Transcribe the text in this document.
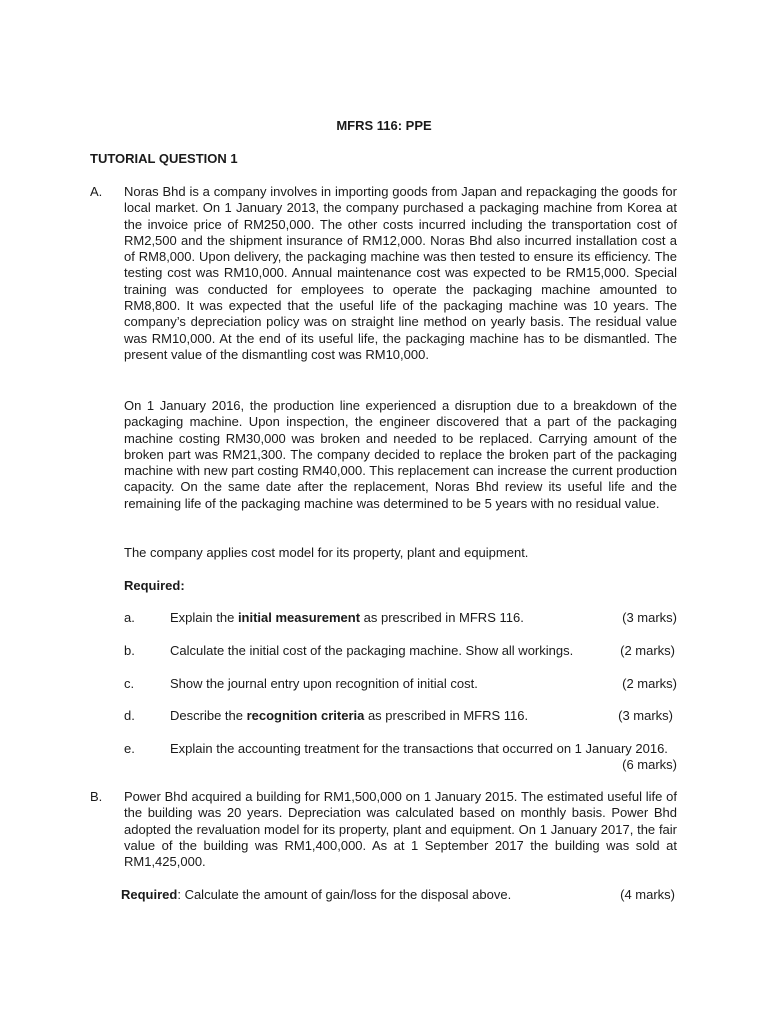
MFRS 116: PPE
TUTORIAL QUESTION 1
A. Noras Bhd is a company involves in importing goods from Japan and repackaging the goods for local market. On 1 January 2013, the company purchased a packaging machine from Korea at the invoice price of RM250,000. The other costs incurred including the transportation cost of RM2,500 and the shipment insurance of RM12,000. Noras Bhd also incurred installation cost a of RM8,000. Upon delivery, the packaging machine was then tested to ensure its efficiency. The testing cost was RM10,000. Annual maintenance cost was expected to be RM15,000. Special training was conducted for employees to operate the packaging machine amounted to RM8,800. It was expected that the useful life of the packaging machine was 10 years. The company’s depreciation policy was on straight line method on yearly basis. The residual value was RM10,000. At the end of its useful life, the packaging machine has to be dismantled. The present value of the dismantling cost was RM10,000.
On 1 January 2016, the production line experienced a disruption due to a breakdown of the packaging machine. Upon inspection, the engineer discovered that a part of the packaging machine costing RM30,000 was broken and needed to be replaced. Carrying amount of the broken part was RM21,300. The company decided to replace the broken part of the packaging machine with new part costing RM40,000. This replacement can increase the current production capacity. On the same date after the replacement, Noras Bhd review its useful life and the remaining life of the packaging machine was determined to be 5 years with no residual value.
The company applies cost model for its property, plant and equipment.
Required:
a.	Explain the initial measurement as prescribed in MFRS 116.	(3 marks)
b.	Calculate the initial cost of the packaging machine. Show all workings.	(2 marks)
c.	Show the journal entry upon recognition of initial cost.	(2 marks)
d.	Describe the recognition criteria as prescribed in MFRS 116.	(3 marks)
e.	Explain the accounting treatment for the transactions that occurred on 1 January 2016.
(6 marks)
B. Power Bhd acquired a building for RM1,500,000 on 1 January 2015. The estimated useful life of the building was 20 years. Depreciation was calculated based on monthly basis. Power Bhd adopted the revaluation model for its property, plant and equipment. On 1 January 2017, the fair value of the building was RM1,400,000. As at 1 September 2017 the building was sold at RM1,425,000.
Required: Calculate the amount of gain/loss for the disposal above.	(4 marks)
